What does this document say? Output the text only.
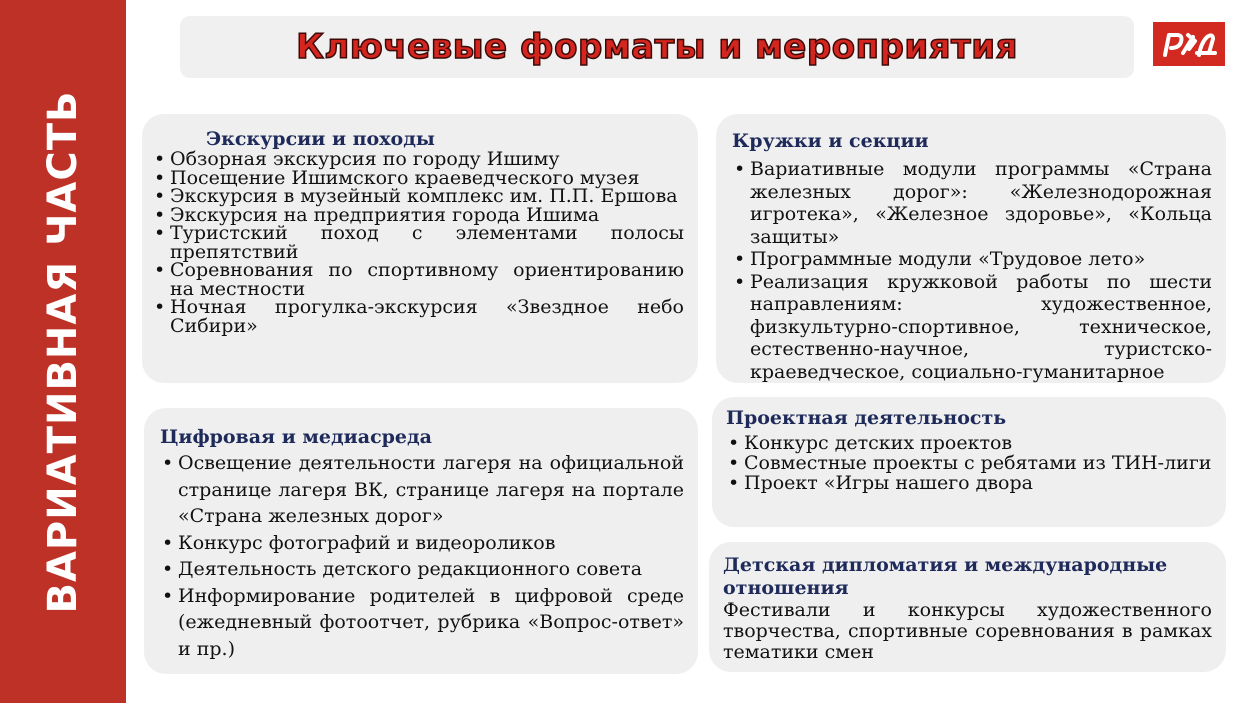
ВАРИАТИВНАЯ ЧАСТЬ
Ключевые форматы и мероприятия
Экскурсии и походы
• Обзорная экскурсия по городу Ишиму
• Посещение Ишимского краеведческого музея
• Экскурсия в музейный комплекс им. П.П. Ершова
• Экскурсия на предприятия города Ишима
• Туристский поход с элементами полосы препятствий
• Соревнования по спортивному ориентированию на местности
• Ночная прогулка-экскурсия «Звездное небо Сибири»
Кружки и секции
• Вариативные модули программы «Страна железных дорог»: «Железнодорожная игротека», «Железное здоровье», «Кольца защиты»
• Программные модули «Трудовое лето»
• Реализация кружковой работы по шести направлениям: художественное, физкультурно-спортивное, техническое, естественно-научное, туристско-краеведческое, социально-гуманитарное
Цифровая и медиасреда
• Освещение деятельности лагеря на официальной странице лагеря ВК, странице лагеря на портале «Страна железных дорог»
• Конкурс фотографий и видеороликов
• Деятельность детского редакционного совета
• Информирование родителей в цифровой среде (ежедневный фотоотчет, рубрика «Вопрос-ответ» и пр.)
Проектная деятельность
• Конкурс детских проектов
• Совместные проекты с ребятами из ТИН-лиги
• Проект «Игры нашего двора
Детская дипломатия и международные отношения

Фестивали и конкурсы художественного творчества, спортивные соревнования в рамках тематики смен
